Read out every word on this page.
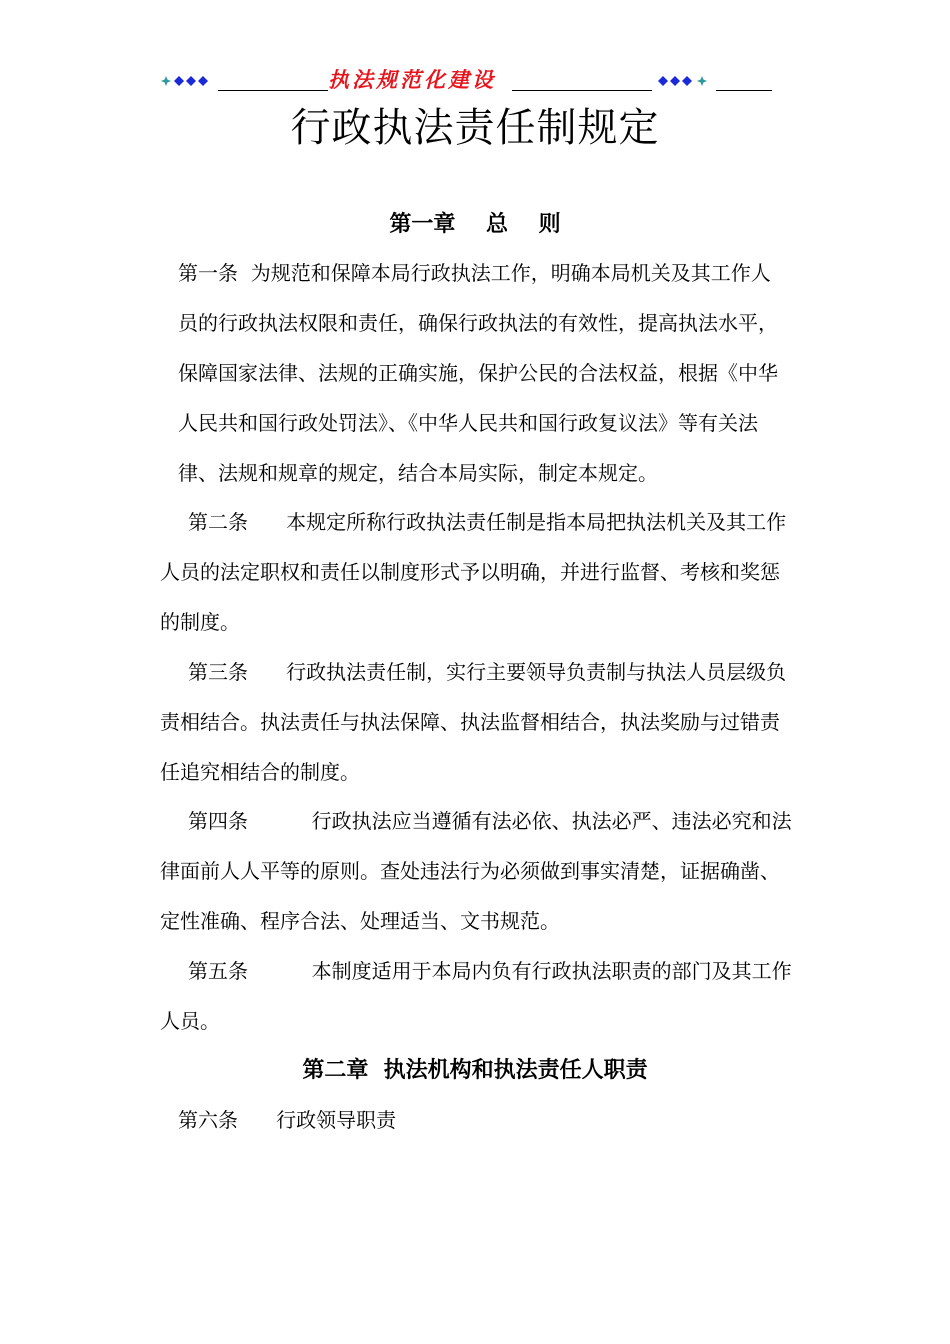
执法规范化建设
行政执法责任制规定
第一章    总    则
第一条  为规范和保障本局行政执法工作，明确本局机关及其工作人
员的行政执法权限和责任，确保行政执法的有效性，提高执法水平，
保障国家法律、法规的正确实施，保护公民的合法权益，根据《中华
人民共和国行政处罚法》、《中华人民共和国行政复议法》等有关法
律、法规和规章的规定，结合本局实际，制定本规定。
第二条      本规定所称行政执法责任制是指本局把执法机关及其工作
人员的法定职权和责任以制度形式予以明确，并进行监督、考核和奖惩
的制度。
第三条      行政执法责任制，实行主要领导负责制与执法人员层级负
责相结合。执法责任与执法保障、执法监督相结合，执法奖励与过错责
任追究相结合的制度。
第四条          行政执法应当遵循有法必依、执法必严、违法必究和法
律面前人人平等的原则。查处违法行为必须做到事实清楚，证据确凿、
定性准确、程序合法、处理适当、文书规范。
第五条          本制度适用于本局内负有行政执法职责的部门及其工作
人员。
第二章  执法机构和执法责任人职责
第六条      行政领导职责
